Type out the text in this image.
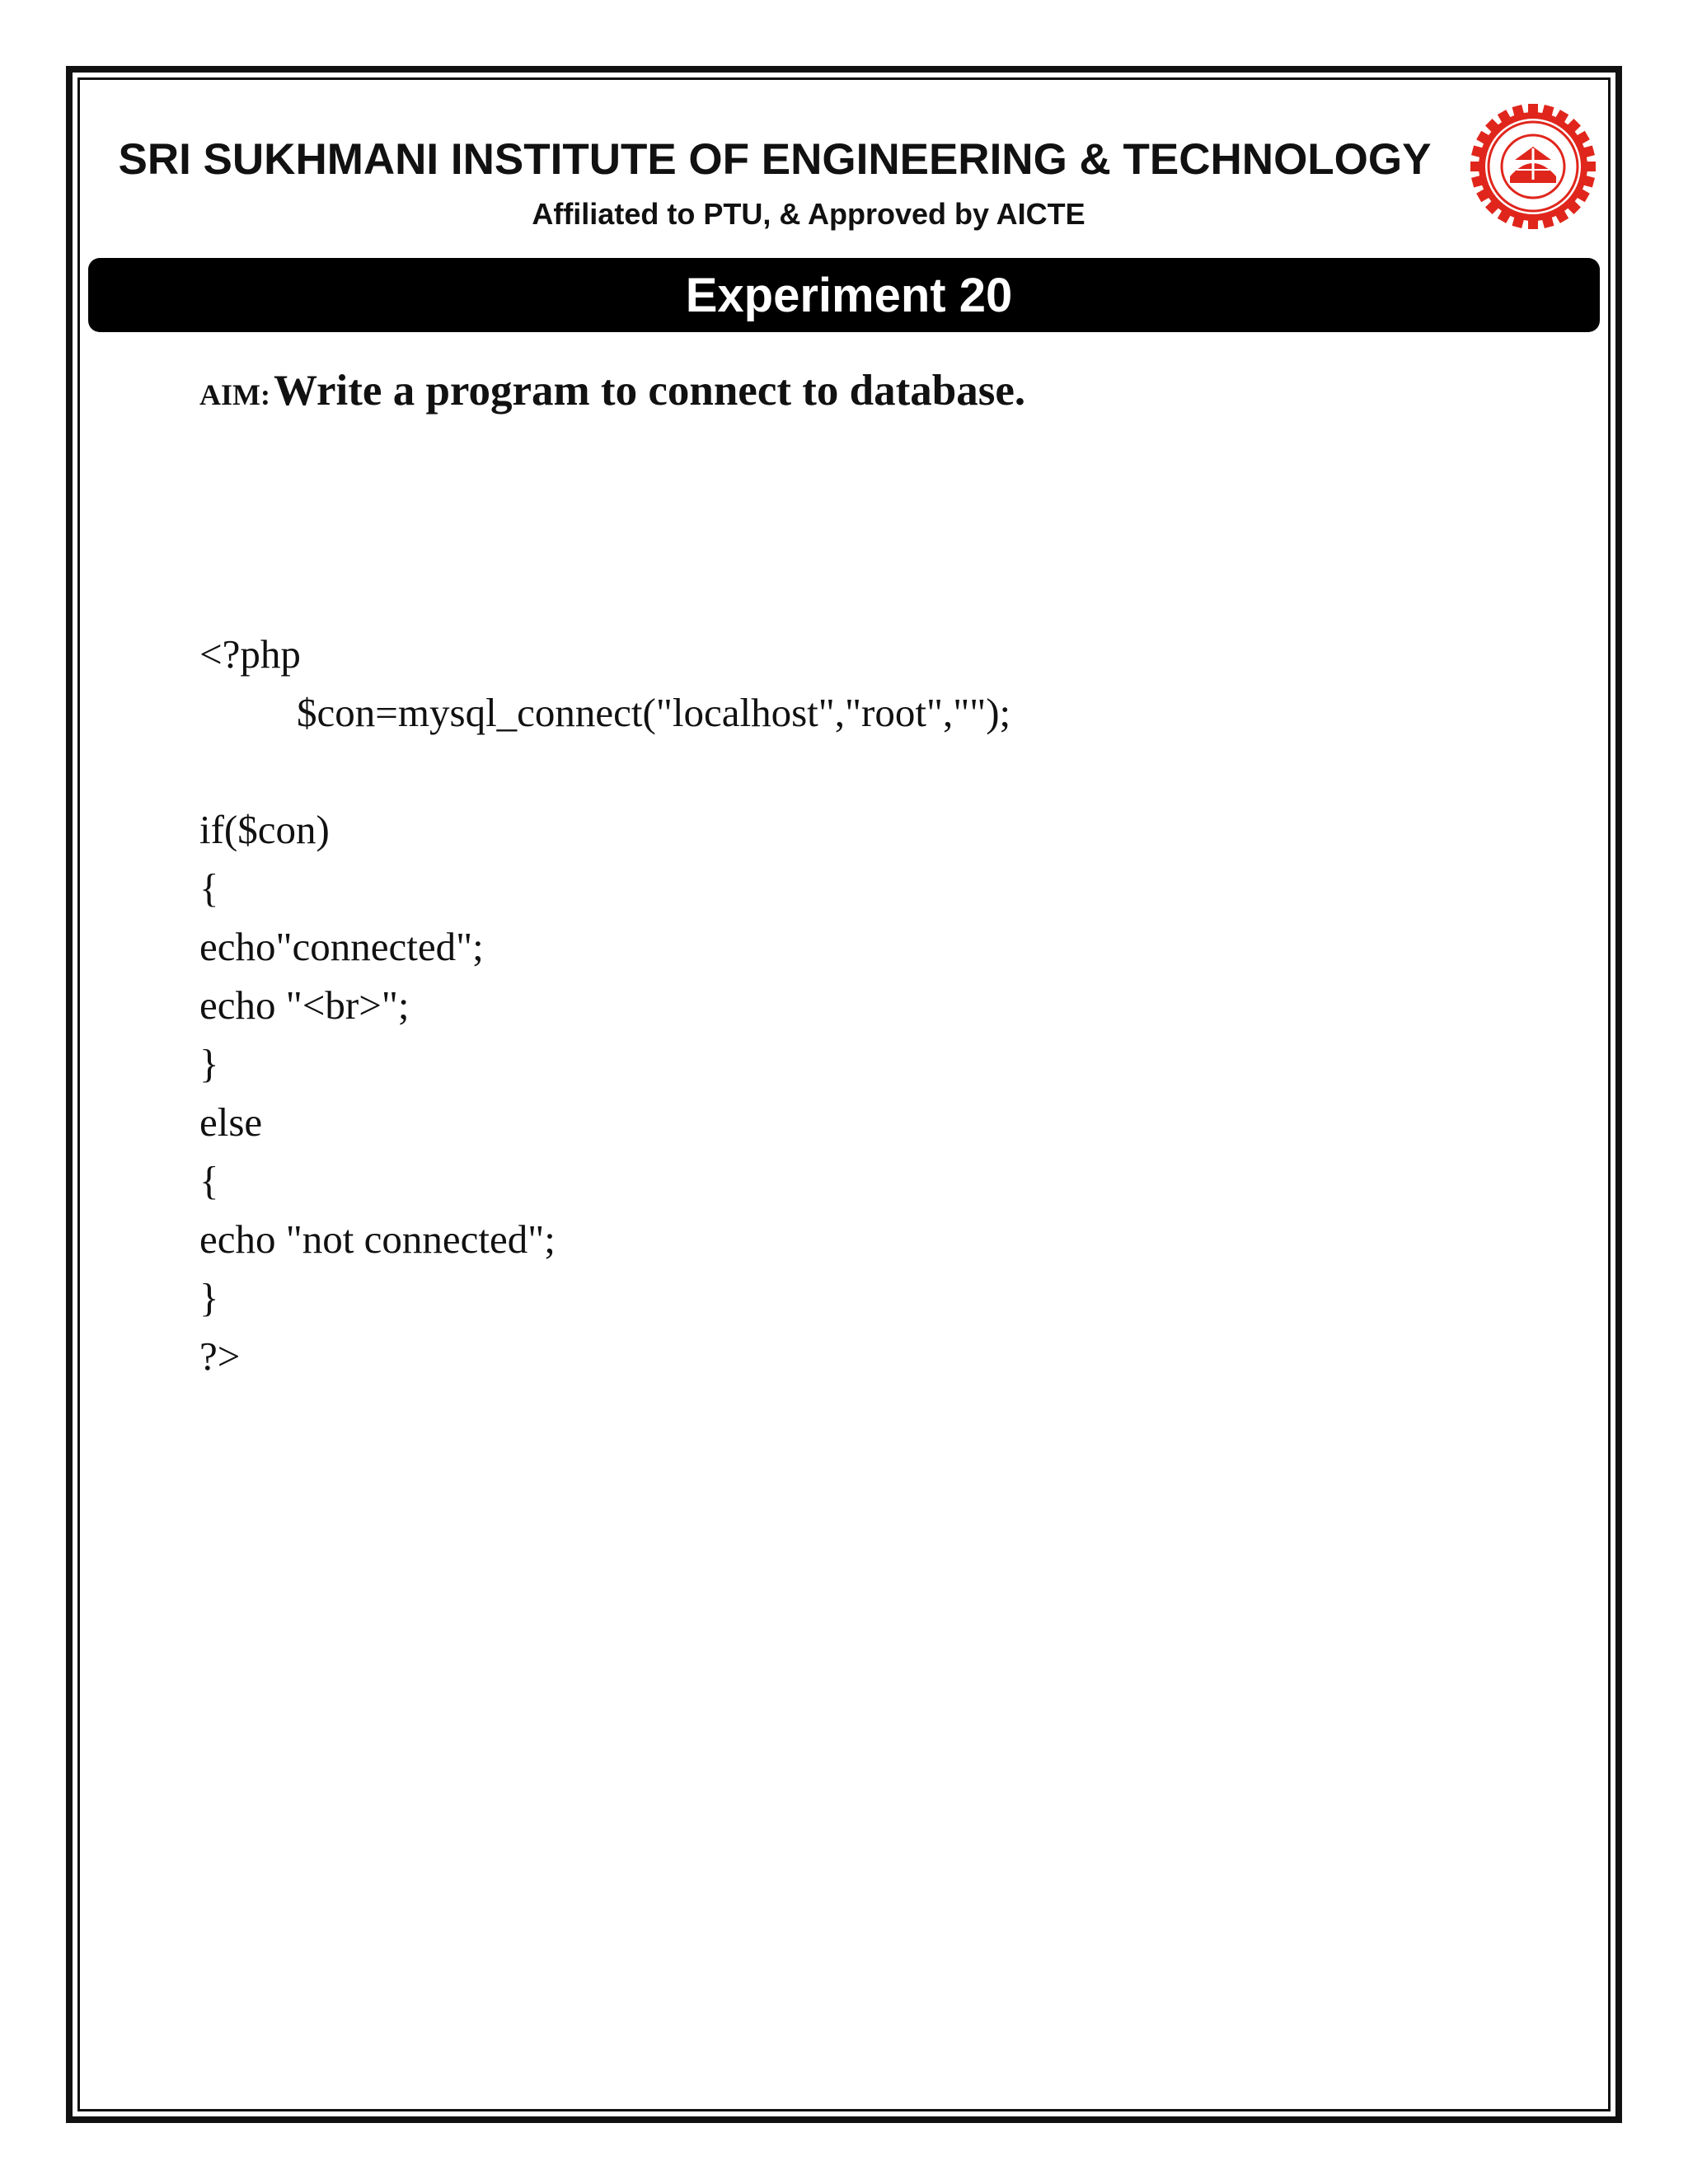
SRI SUKHMANI INSTITUTE OF ENGINEERING & TECHNOLOGY

Affiliated to PTU, & Approved by AICTE

Experiment 20

AIM: Write a program to connect to database.

<?php
$con=mysql_connect("localhost","root","");
if($con)
{
echo"connected";
echo "<br>";
}
else
{
echo "not connected";
}
?>
